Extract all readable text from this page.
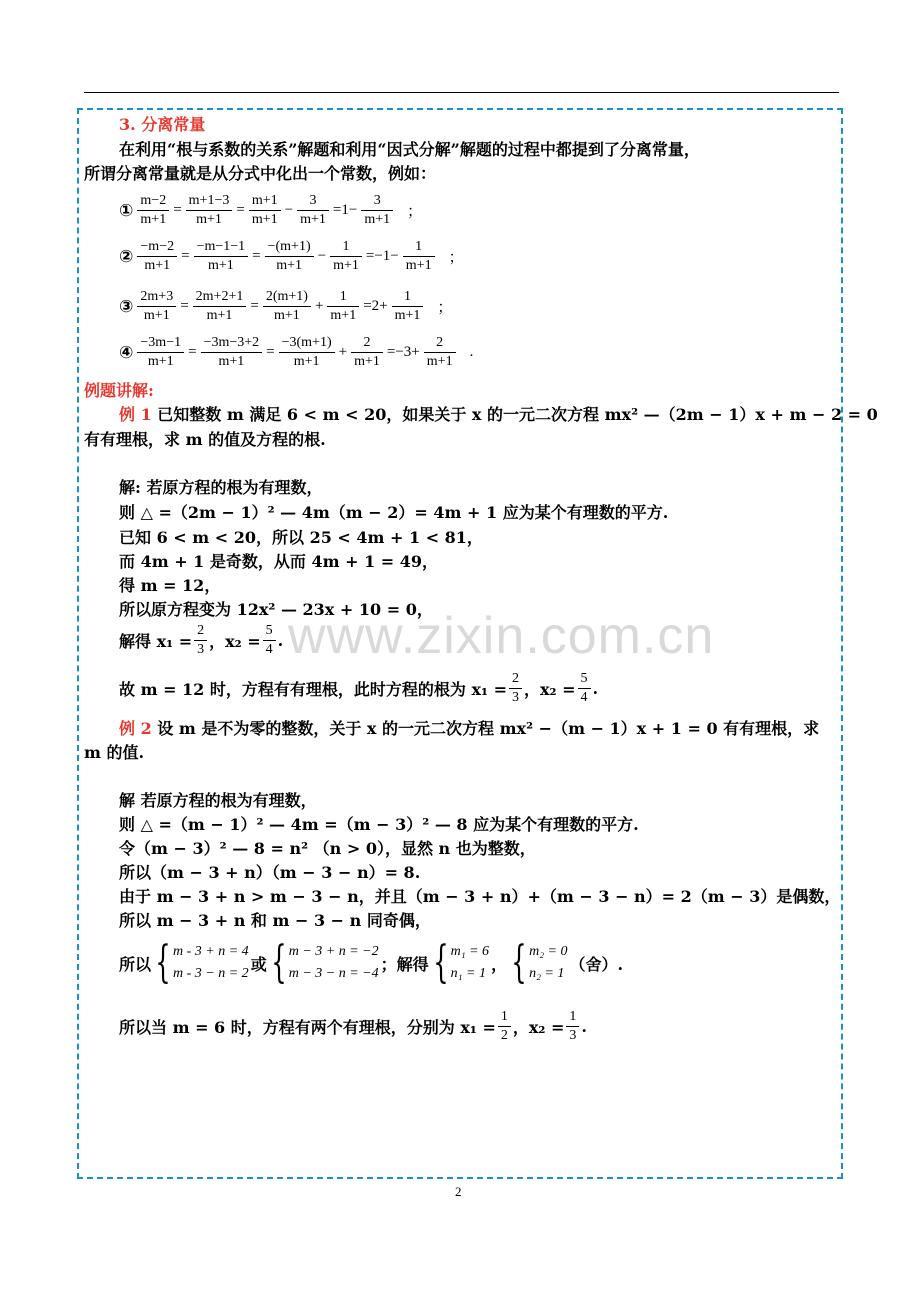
www.zixin.com.cn
3. 分离常量
在利用“根与系数的关系”解题和利用“因式分解”解题的过程中都提到了分离常量，
所谓分离常量就是从分式中化出一个常数，例如：
① $\frac{m-2}{m+1} = \frac{m+1-3}{m+1} = \frac{m+1}{m+1} - \frac{3}{m+1} =1- \frac{3}{m+1}$ ；
② $\frac{-m-2}{m+1} = \frac{-m-1-1}{m+1} = \frac{-(m+1)}{m+1} - \frac{1}{m+1} =-1- \frac{1}{m+1}$ ；
③ $\frac{2m+3}{m+1} = \frac{2m+2+1}{m+1} = \frac{2(m+1)}{m+1} + \frac{1}{m+1} =2+ \frac{1}{m+1}$ ；
④ $\frac{-3m-1}{m+1} = \frac{-3m-3+2}{m+1} = \frac{-3(m+1)}{m+1} + \frac{2}{m+1} =-3+ \frac{2}{m+1}$ .
例题讲解:
例 1 已知整数 m 满足 6 < m < 20，如果关于 x 的一元二次方程 mx² —（2m − 1）x + m − 2 = 0
有有理根，求 m 的值及方程的根.
解: 若原方程的根为有理数，
则 △ =（2m − 1）² — 4m（m − 2）= 4m + 1 应为某个有理数的平方.
已知 6 < m < 20，所以 25 < 4m + 1 < 81，
而 4m + 1 是奇数，从而 4m + 1 = 49，
得 m = 12，
所以原方程变为 12x² — 23x + 10 = 0，
解得 $x_1 = \frac{2}{3}$ ，$x_2 = \frac{5}{4}$ .
故 m = 12 时，方程有有理根，此时方程的根为 $x_1 = \frac{2}{3}$ ，$x_2 = \frac{5}{4}$ .
例 2 设 m 是不为零的整数，关于 x 的一元二次方程 mx² −（m − 1）x + 1 = 0 有有理根，求
m 的值.
解 若原方程的根为有理数，
则 △ =（m − 1）² — 4m =（m − 3）² — 8 应为某个有理数的平方.
令（m − 3）² — 8 = n² （n > 0），显然 n 也为整数，
所以（m − 3 + n）（m − 3 − n）= 8.
由于 m − 3 + n > m − 3 − n，并且（m − 3 + n）+（m − 3 − n）= 2（m − 3）是偶数，
所以 m − 3 + n 和 m − 3 − n 同奇偶，
所以 { m - 3 + n = 4
m - 3 − n = 2 或 { m − 3 + n = −2
m − 3 − n = −4 ；解得 { m₁ = 6
n₁ = 1 ， { m₂ = 0
n₂ = 1 （舍）.
所以当 m = 6 时，方程有两个有理根，分别为 $x_1 = \frac{1}{2}$ ，$x_2 = \frac{1}{3}$ .
2
